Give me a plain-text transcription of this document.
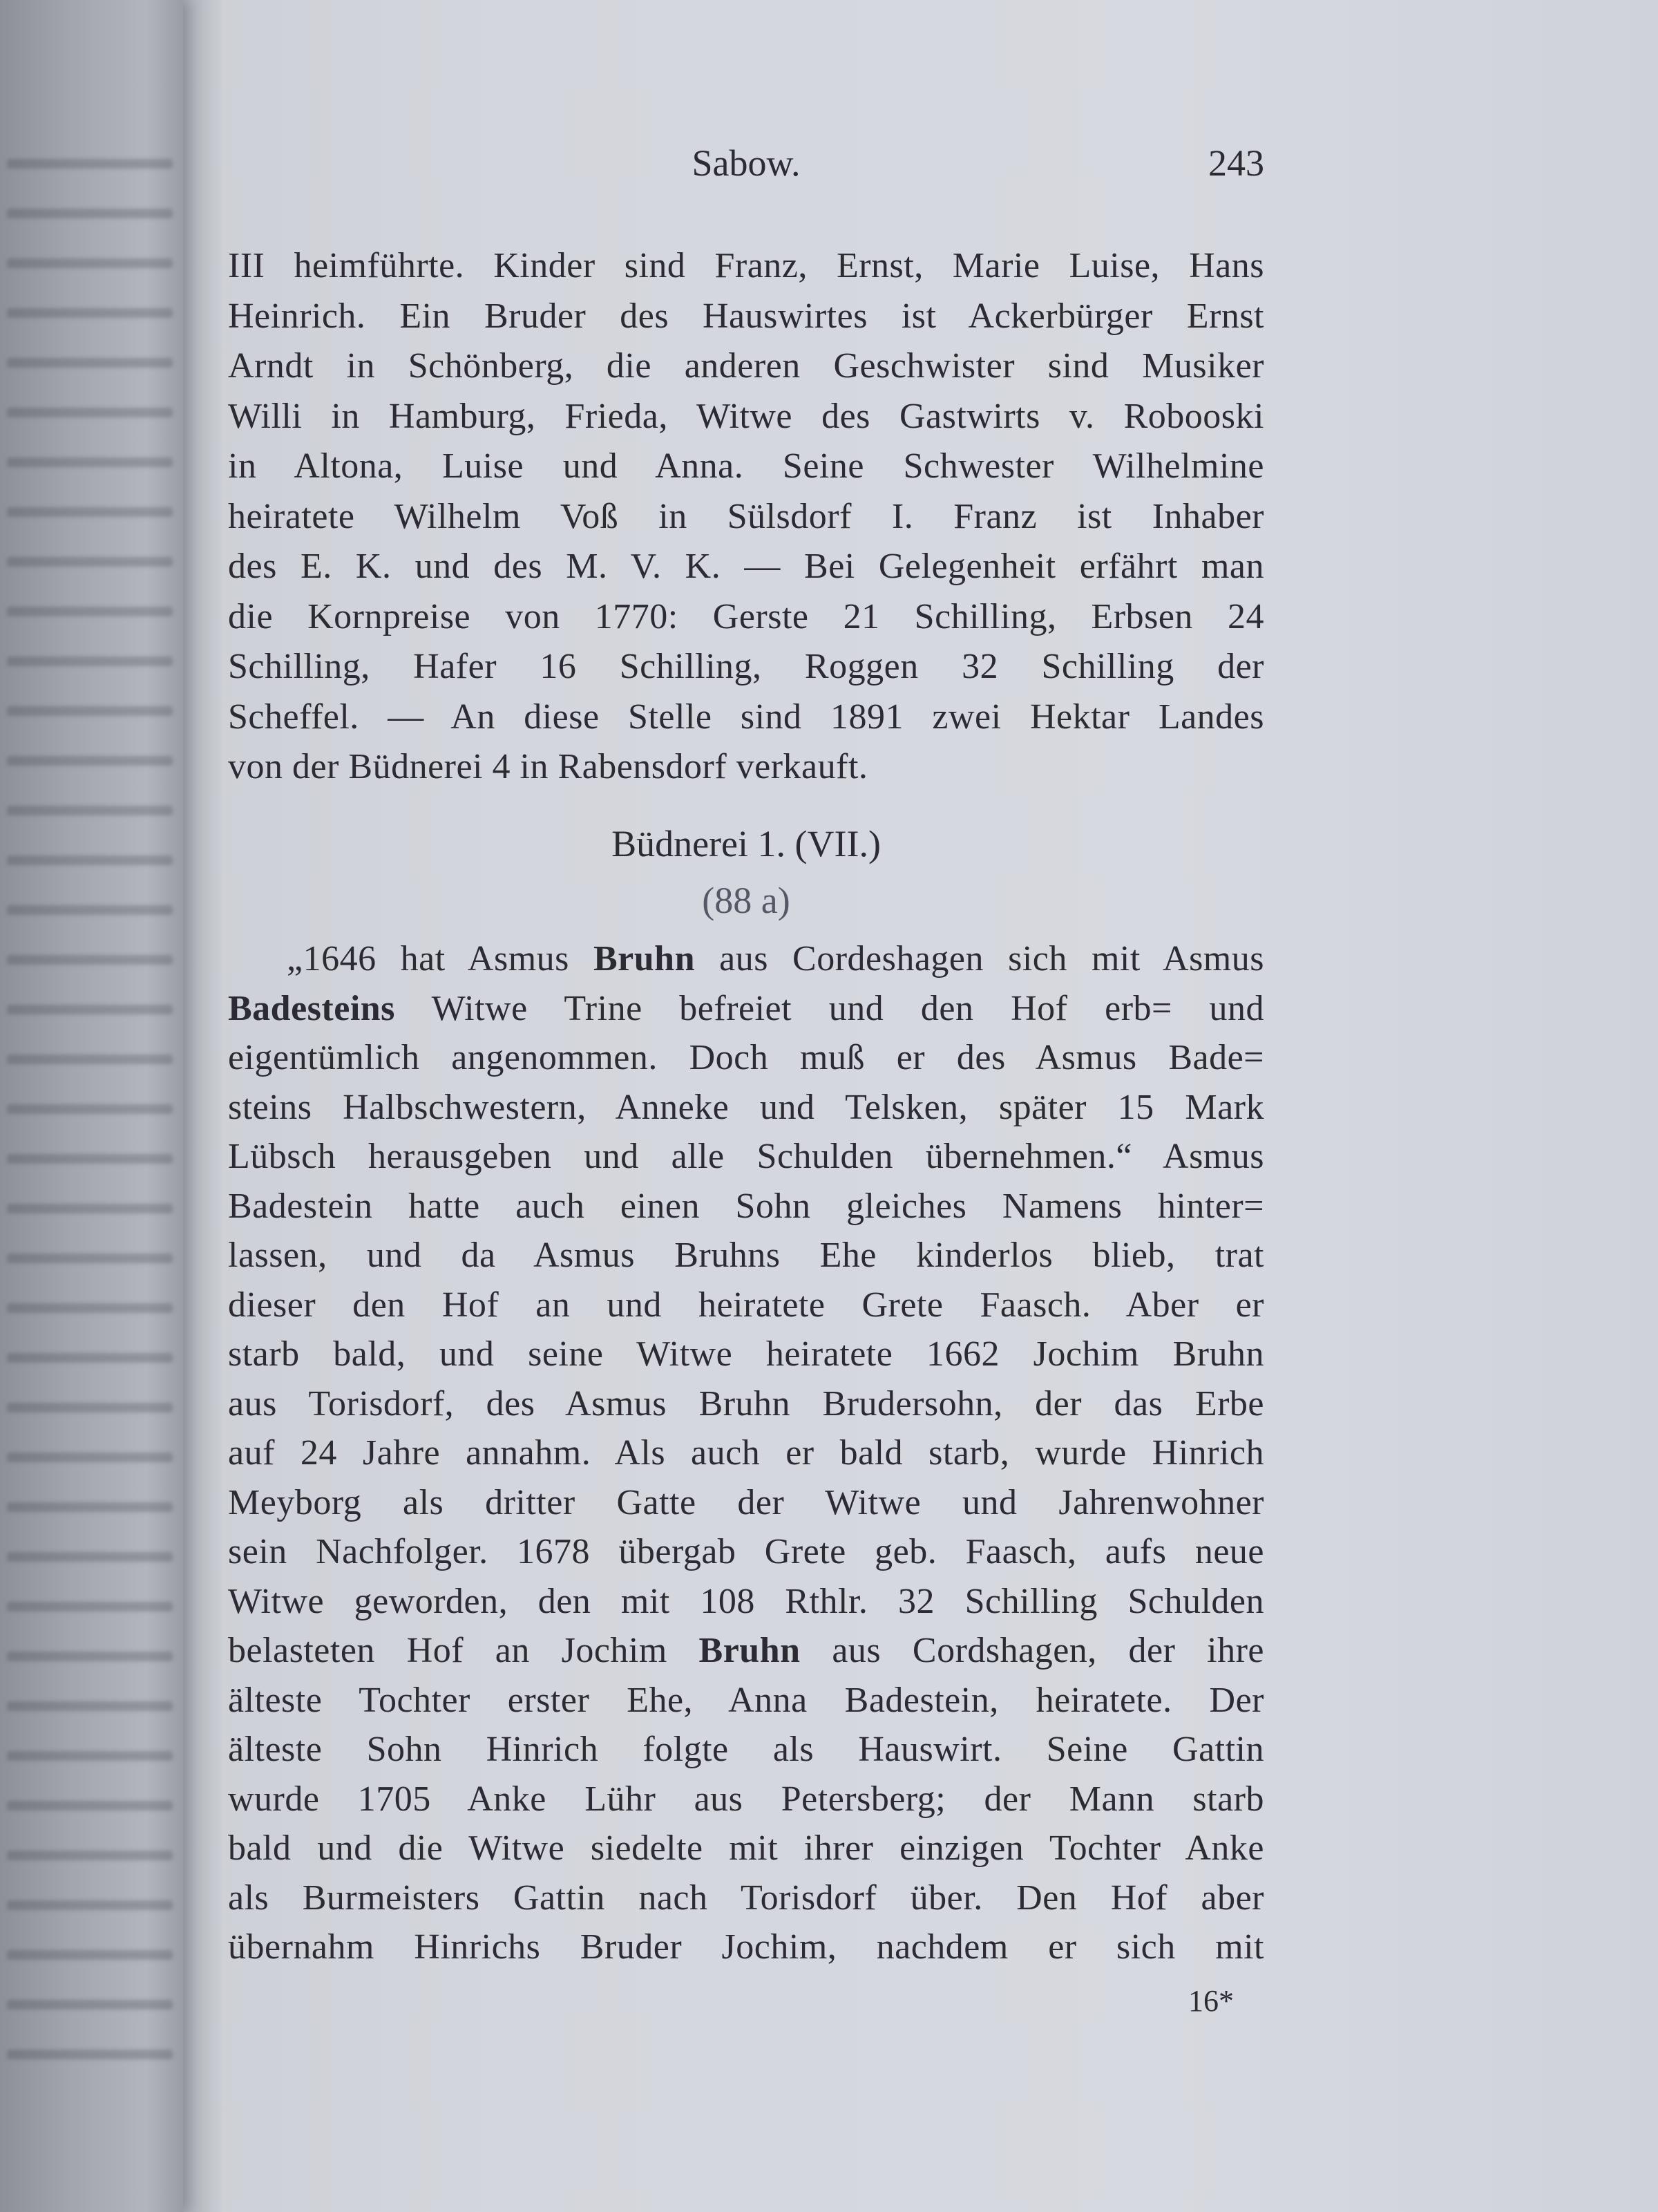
Sabow.	243
III heimführte. Kinder sind Franz, Ernst, Marie Luise, Hans
Heinrich. Ein Bruder des Hauswirtes ist Ackerbürger Ernst
Arndt in Schönberg, die anderen Geschwister sind Musiker
Willi in Hamburg, Frieda, Witwe des Gastwirts v. Robooski
in Altona, Luise und Anna. Seine Schwester Wilhelmine
heiratete Wilhelm Voß in Sülsdorf I. Franz ist Inhaber
des E. K. und des M. V. K. — Bei Gelegenheit erfährt man
die Kornpreise von 1770: Gerste 21 Schilling, Erbsen 24
Schilling, Hafer 16 Schilling, Roggen 32 Schilling der
Scheffel. — An diese Stelle sind 1891 zwei Hektar Landes
von der Büdnerei 4 in Rabensdorf verkauft.
Büdnerei 1. (VII.)
(88 a)
„1646 hat Asmus Bruhn aus Cordeshagen sich mit Asmus
Badesteins Witwe Trine befreiet und den Hof erb= und
eigentümlich angenommen. Doch muß er des Asmus Bade=
steins Halbschwestern, Anneke und Telsken, später 15 Mark
Lübsch herausgeben und alle Schulden übernehmen.“ Asmus
Badestein hatte auch einen Sohn gleiches Namens hinter=
lassen, und da Asmus Bruhns Ehe kinderlos blieb, trat
dieser den Hof an und heiratete Grete Faasch. Aber er
starb bald, und seine Witwe heiratete 1662 Jochim Bruhn
aus Torisdorf, des Asmus Bruhn Brudersohn, der das Erbe
auf 24 Jahre annahm. Als auch er bald starb, wurde Hinrich
Meyborg als dritter Gatte der Witwe und Jahrenwohner
sein Nachfolger. 1678 übergab Grete geb. Faasch, aufs neue
Witwe geworden, den mit 108 Rthlr. 32 Schilling Schulden
belasteten Hof an Jochim Bruhn aus Cordshagen, der ihre
älteste Tochter erster Ehe, Anna Badestein, heiratete. Der
älteste Sohn Hinrich folgte als Hauswirt. Seine Gattin
wurde 1705 Anke Lühr aus Petersberg; der Mann starb
bald und die Witwe siedelte mit ihrer einzigen Tochter Anke
als Burmeisters Gattin nach Torisdorf über. Den Hof aber
übernahm Hinrichs Bruder Jochim, nachdem er sich mit
16*
